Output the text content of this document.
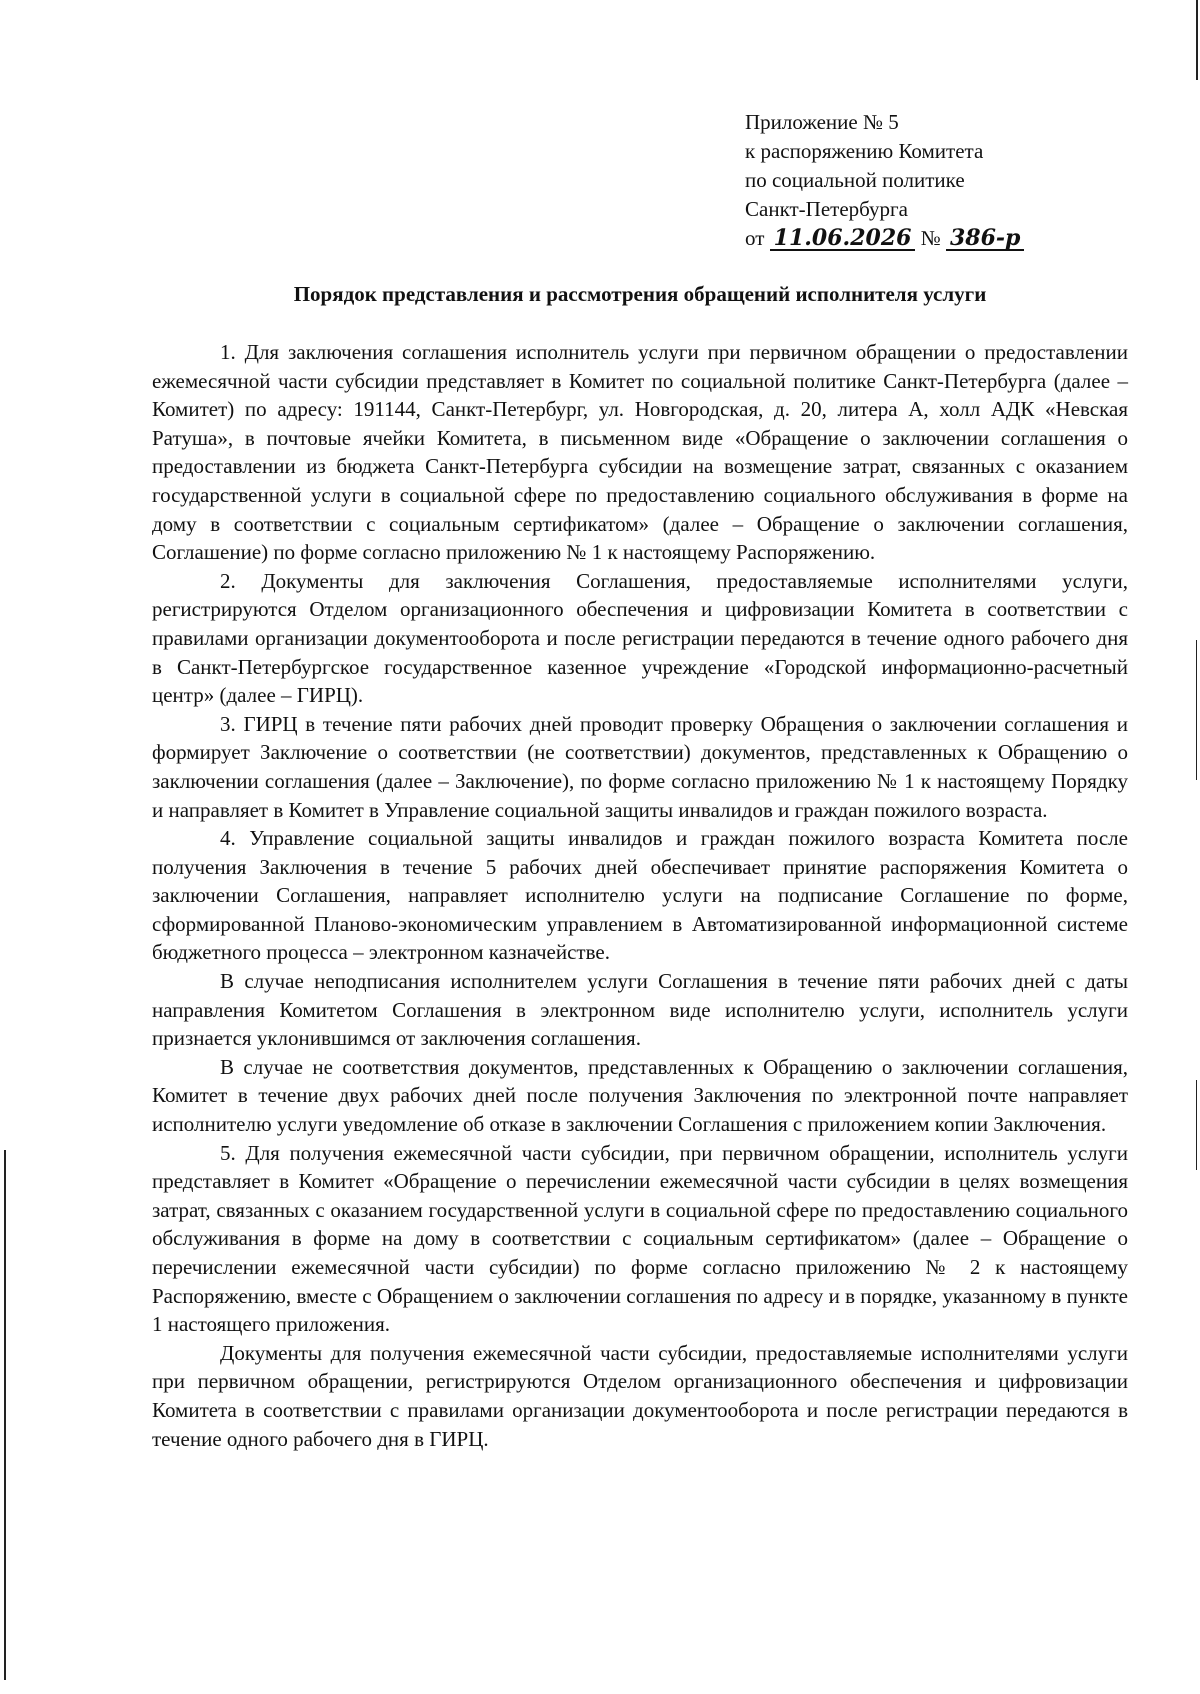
Приложение № 5
к распоряжению Комитета
по социальной политике
Санкт-Петербурга
от 11.06.2026 № 386-р
Порядок представления и рассмотрения обращений исполнителя услуги

1. Для заключения соглашения исполнитель услуги при первичном обращении о предоставлении ежемесячной части субсидии представляет в Комитет по социальной политике Санкт-Петербурга (далее – Комитет) по адресу: 191144, Санкт-Петербург, ул. Новгородская, д. 20, литера А, холл АДК «Невская Ратуша», в почтовые ячейки Комитета, в письменном виде «Обращение о заключении соглашения о предоставлении из бюджета Санкт-Петербурга субсидии на возмещение затрат, связанных с оказанием государственной услуги в социальной сфере по предоставлению социального обслуживания в форме на дому в соответствии с социальным сертификатом» (далее – Обращение о заключении соглашения, Соглашение) по форме согласно приложению № 1 к настоящему Распоряжению.

2. Документы для заключения Соглашения, предоставляемые исполнителями услуги, регистрируются Отделом организационного обеспечения и цифровизации Комитета в соответствии с правилами организации документооборота и после регистрации передаются в течение одного рабочего дня в Санкт-Петербургское государственное казенное учреждение «Городской информационно-расчетный центр» (далее – ГИРЦ).

3. ГИРЦ в течение пяти рабочих дней проводит проверку Обращения о заключении соглашения и формирует Заключение о соответствии (не соответствии) документов, представленных к Обращению о заключении соглашения (далее – Заключение), по форме согласно приложению № 1 к настоящему Порядку и направляет в Комитет в Управление социальной защиты инвалидов и граждан пожилого возраста.

4. Управление социальной защиты инвалидов и граждан пожилого возраста Комитета после получения Заключения в течение 5 рабочих дней обеспечивает принятие распоряжения Комитета о заключении Соглашения, направляет исполнителю услуги на подписание Соглашение по форме, сформированной Планово-экономическим управлением в Автоматизированной информационной системе бюджетного процесса – электронном казначействе.

В случае неподписания исполнителем услуги Соглашения в течение пяти рабочих дней с даты направления Комитетом Соглашения в электронном виде исполнителю услуги, исполнитель услуги признается уклонившимся от заключения соглашения.

В случае не соответствия документов, представленных к Обращению о заключении соглашения, Комитет в течение двух рабочих дней после получения Заключения по электронной почте направляет исполнителю услуги уведомление об отказе в заключении Соглашения с приложением копии Заключения.

5. Для получения ежемесячной части субсидии, при первичном обращении, исполнитель услуги представляет в Комитет «Обращение о перечислении ежемесячной части субсидии в целях возмещения затрат, связанных с оказанием государственной услуги в социальной сфере по предоставлению социального обслуживания в форме на дому в соответствии с социальным сертификатом» (далее – Обращение о перечислении ежемесячной части субсидии) по форме согласно приложению № 2 к настоящему Распоряжению, вместе с Обращением о заключении соглашения по адресу и в порядке, указанному в пункте 1 настоящего приложения.

Документы для получения ежемесячной части субсидии, предоставляемые исполнителями услуги при первичном обращении, регистрируются Отделом организационного обеспечения и цифровизации Комитета в соответствии с правилами организации документооборота и после регистрации передаются в течение одного рабочего дня в ГИРЦ.
